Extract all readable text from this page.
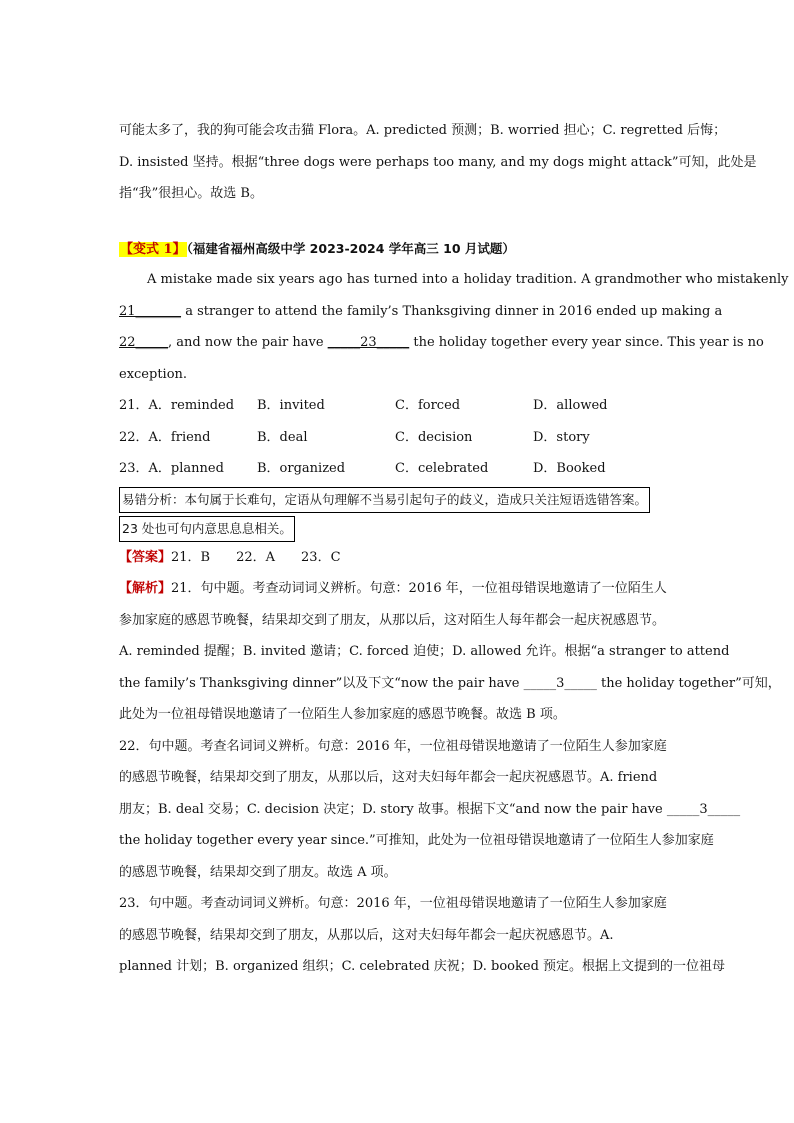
可能太多了，我的狗可能会攻击猫 Flora。A. predicted 预测；B. worried 担心；C. regretted 后悔；
D. insisted 坚持。根据“three dogs were perhaps too many, and my dogs might attack”可知，此处是
指“我”很担心。故选 B。
【变式 1】（福建省福州高级中学 2023-2024 学年高三 10 月试题）
A mistake made six years ago has turned into a holiday tradition. A grandmother who mistakenly
21_______ a stranger to attend the family’s Thanksgiving dinner in 2016 ended up making a
22_____, and now the pair have _____23_____ the holiday together every year since. This year is no
exception.
21．A．reminded	B．invited	C．forced	D．allowed
22．A．friend	B．deal	C．decision	D．story
23．A．planned	B．organized	C．celebrated	D．Booked
易错分析：本句属于长难句，定语从句理解不当易引起句子的歧义，造成只关注短语选错答案。
23 处也可句内意思息息相关。
【答案】21．B　　22．A　　23．C
【解析】21．句中题。考查动词词义辨析。句意：2016 年，一位祖母错误地邀请了一位陌生人
参加家庭的感恩节晚餐，结果却交到了朋友，从那以后，这对陌生人每年都会一起庆祝感恩节。
A. reminded 提醒；B. invited 邀请；C. forced 迫使；D. allowed 允许。根据“a stranger to attend
the family’s Thanksgiving dinner”以及下文“now the pair have _____3_____ the holiday together”可知，
此处为一位祖母错误地邀请了一位陌生人参加家庭的感恩节晚餐。故选 B 项。
22．句中题。考查名词词义辨析。句意：2016 年，一位祖母错误地邀请了一位陌生人参加家庭
的感恩节晚餐，结果却交到了朋友，从那以后，这对夫妇每年都会一起庆祝感恩节。A. friend
朋友；B. deal 交易；C. decision 决定；D. story 故事。根据下文“and now the pair have _____3_____
the holiday together every year since.”可推知，此处为一位祖母错误地邀请了一位陌生人参加家庭
的感恩节晚餐，结果却交到了朋友。故选 A 项。
23．句中题。考查动词词义辨析。句意：2016 年，一位祖母错误地邀请了一位陌生人参加家庭
的感恩节晚餐，结果却交到了朋友，从那以后，这对夫妇每年都会一起庆祝感恩节。A.
planned 计划；B. organized 组织；C. celebrated 庆祝；D. booked 预定。根据上文提到的一位祖母
